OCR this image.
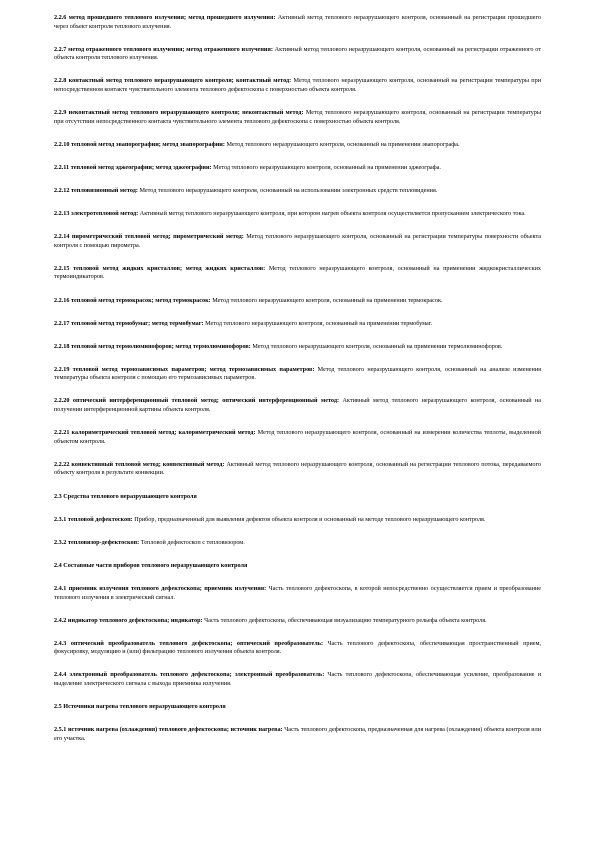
2.2.6 метод прошедшего теплового излучения; метод прошедшего излучения: Активный метод теплового неразрушающего контроля, основанный на регистрации прошедшего через объект контроля теплового излучения.

2.2.7 метод отраженного теплового излучения; метод отраженного излучения: Активный метод теплового неразрушающего контроля, основанный на регистрации отраженного от объекта контроля теплового излучения.

2.2.8 контактный метод теплового неразрушающего контроля; контактный метод: Метод теплового неразрушающего контроля, основанный на регистрации температуры при непосредственном контакте чувствительного элемента теплового дефектоскопа с поверхностью объекта контроля.

2.2.9 неконтактный метод теплового неразрушающего контроля; неконтактный метод: Метод теплового неразрушающего контроля, основанный на регистрации температуры при отсутствии непосредственного контакта чувствительного элемента теплового дефектоскопа с поверхностью объекта контроля.

2.2.10 тепловой метод эвапорографии; метод эвапорографии: Метод теплового неразрушающего контроля, основанный на применении эвапорографа.

2.2.11 тепловой метод эджеографии; метод эджеографии: Метод теплового неразрушающего контроля, основанный на применении эджеографа.

2.2.12 тепловизионный метод: Метод теплового неразрушающего контроля, основанный на использовании электронных средств тепловидения.

2.2.13 электротепловой метод: Активный метод теплового неразрушающего контроля, при котором нагрев объекта контроля осуществляется пропусканием электрического тока.

2.2.14 пирометрический тепловой метод; пирометрический метод: Метод теплового неразрушающего контроля, основанный на регистрации температуры поверхности объекта контроля с помощью пирометра.

2.2.15 тепловой метод жидких кристаллов; метод жидких кристаллов: Метод теплового неразрушающего контроля, основанный на применении жидкокристаллических термоиндикаторов.

2.2.16 тепловой метод термокрасок; метод термокрасок: Метод теплового неразрушающего контроля, основанный на применении термокрасок.

2.2.17 тепловой метод термобумаг; метод термобумаг: Метод теплового неразрушающего контроля, основанный на применении термобумаг.

2.2.18 тепловой метод термолюминофоров; метод термолюминофоров: Метод теплового неразрушающего контроля, основанный на применении термолюминофоров.

2.2.19 тепловой метод термозависимых параметров; метод термозависимых параметров: Метод теплового неразрушающего контроля, основанный на анализе изменения температуры объекта контроля с помощью его термозависимых параметров.

2.2.20 оптический интерференционный тепловой метод; оптический интерференционный метод: Активный метод теплового неразрушающего контроля, основанный на получении интерференционной картины объекта контроля.

2.2.21 калориметрический тепловой метод; калориметрический метод: Метод теплового неразрушающего контроля, основанный на измерении количества теплоты, выделенной объектом контроля.

2.2.22 конвективный тепловой метод; конвективный метод: Активный метод теплового неразрушающего контроля, основанный на регистрации теплового потока, передаваемого объекту контроля в результате конвекции.

2.3 Средства теплового неразрушающего контроля

2.3.1 тепловой дефектоскоп: Прибор, предназначенный для выявления дефектов объекта контроля и основанный на методе теплового неразрушающего контроля.

2.3.2 тепловизор-дефектоскоп: Тепловой дефектоскоп с тепловизором.

2.4 Составные части приборов теплового неразрушающего контроля

2.4.1 приемник излучения теплового дефектоскопа; приемник излучения: Часть теплового дефектоскопа, в которой непосредственно осуществляется прием и преобразование теплового излучения в электрический сигнал.

2.4.2 индикатор теплового дефектоскопа; индикатор: Часть теплового дефектоскопа, обеспечивающая визуализацию температурного рельефа объекта контроля.

2.4.3 оптический преобразователь теплового дефектоскопа; оптический преобразователь: Часть теплового дефектоскопа, обеспечивающая пространственный прием, фокусировку, модуляцию и (или) фильтрацию теплового излучения объекта контроля.

2.4.4 электронный преобразователь теплового дефектоскопа; электронный преобразователь: Часть теплового дефектоскопа, обеспечивающая усиление, преобразование и выделение электрического сигнала с выхода приемника излучения.

2.5 Источники нагрева теплового неразрушающего контроля

2.5.1 источник нагрева (охлаждения) теплового дефектоскопа; источник нагрева: Часть теплового дефектоскопа, предназначенная для нагрева (охлаждения) объекта контроля или его участка.
